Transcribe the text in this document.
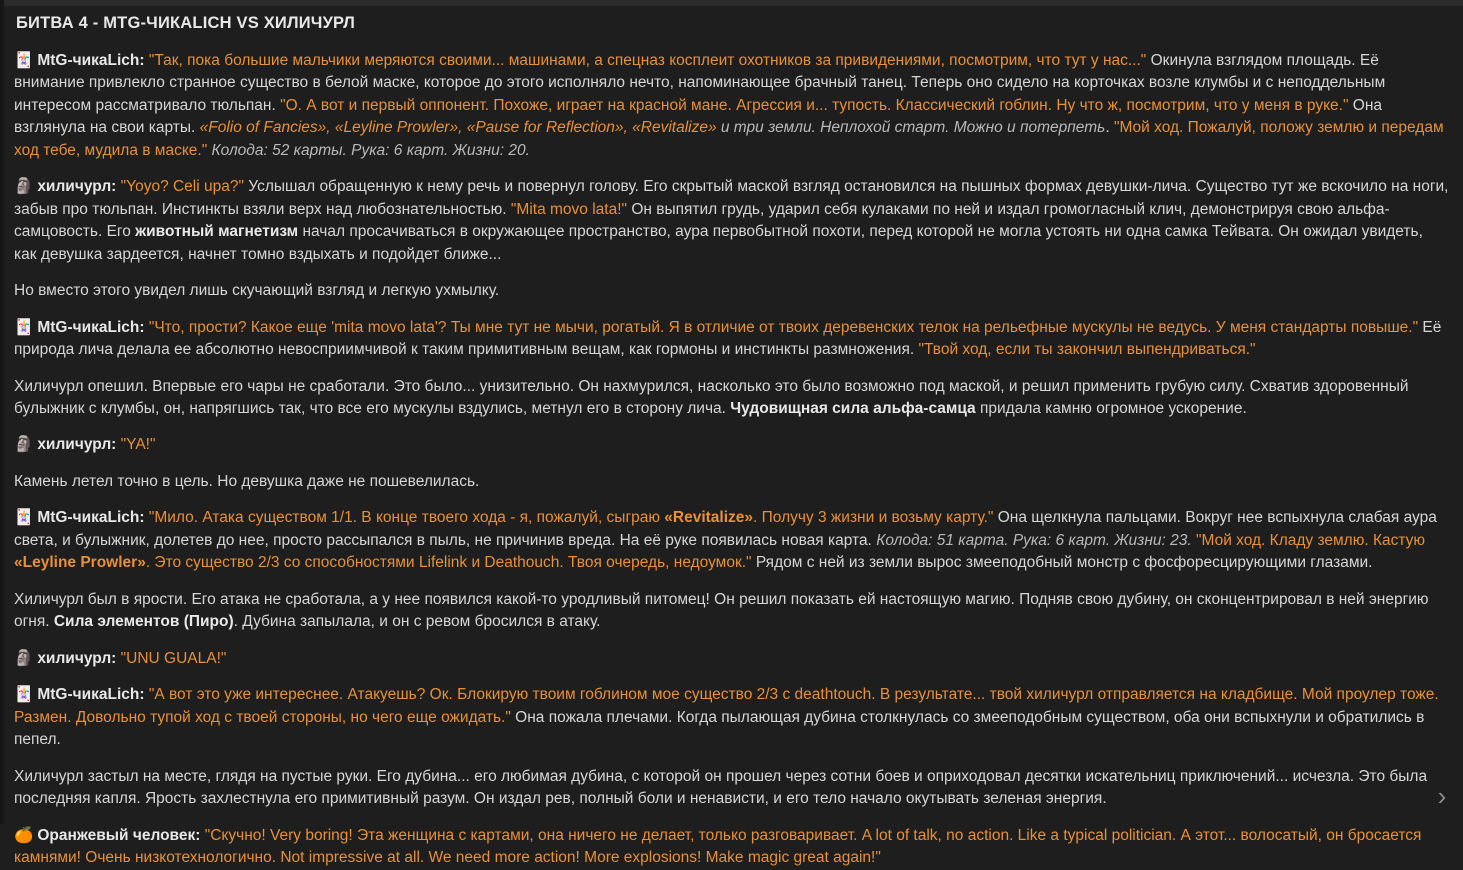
БИТВА 4 - MTG-ЧИКАLICH VS ХИЛИЧУРЛ
🃏 MtG-чикаLich: "Так, пока большие мальчики меряются своими... машинами, а спецназ косплеит охотников за привидениями, посмотрим, что тут у нас..." Окинула взглядом площадь. Её внимание привлекло странное существо в белой маске, которое до этого исполняло нечто, напоминающее брачный танец. Теперь оно сидело на корточках возле клумбы и с неподдельным интересом рассматривало тюльпан. "О. А вот и первый оппонент. Похоже, играет на красной мане. Агрессия и... тупость. Классический гоблин. Ну что ж, посмотрим, что у меня в руке." Она взглянула на свои карты. «Folio of Fancies», «Leyline Prowler», «Pause for Reflection», «Revitalize» и три земли. Неплохой старт. Можно и потерпеть. "Мой ход. Пожалуй, положу землю и передам ход тебе, мудила в маске." Колода: 52 карты. Рука: 6 карт. Жизни: 20.
🗿 хиличурл: "Yoyo? Celi upa?" Услышал обращенную к нему речь и повернул голову. Его скрытый маской взгляд остановился на пышных формах девушки-лича. Существо тут же вскочило на ноги, забыв про тюльпан. Инстинкты взяли верх над любознательностью. "Mita movo lata!" Он выпятил грудь, ударил себя кулаками по ней и издал громогласный клич, демонстрируя свою альфа-самцовость. Его животный магнетизм начал просачиваться в окружающее пространство, аура первобытной похоти, перед которой не могла устоять ни одна самка Тейвата. Он ожидал увидеть, как девушка зардеется, начнет томно вздыхать и подойдет ближе...
Но вместо этого увидел лишь скучающий взгляд и легкую ухмылку.
🃏 MtG-чикаLich: "Что, прости? Какое еще 'mita movo lata'? Ты мне тут не мычи, рогатый. Я в отличие от твоих деревенских телок на рельефные мускулы не ведусь. У меня стандарты повыше." Её природа лича делала ее абсолютно невосприимчивой к таким примитивным вещам, как гормоны и инстинкты размножения. "Твой ход, если ты закончил выпендриваться."
Хиличурл опешил. Впервые его чары не сработали. Это было... унизительно. Он нахмурился, насколько это было возможно под маской, и решил применить грубую силу. Схватив здоровенный булыжник с клумбы, он, напрягшись так, что все его мускулы вздулись, метнул его в сторону лича. Чудовищная сила альфа-самца придала камню огромное ускорение.
🗿 хиличурл: "YA!"
Камень летел точно в цель. Но девушка даже не пошевелилась.
🃏 MtG-чикаLich: "Мило. Атака существом 1/1. В конце твоего хода - я, пожалуй, сыграю «Revitalize». Получу 3 жизни и возьму карту." Она щелкнула пальцами. Вокруг нее вспыхнула слабая аура света, и булыжник, долетев до нее, просто рассыпался в пыль, не причинив вреда. На её руке появилась новая карта. Колода: 51 карта. Рука: 6 карт. Жизни: 23. "Мой ход. Кладу землю. Кастую «Leyline Prowler». Это существо 2/3 со способностями Lifelink и Deathouch. Твоя очередь, недоумок." Рядом с ней из земли вырос змееподобный монстр с фосфоресцирующими глазами.
Хиличурл был в ярости. Его атака не сработала, а у нее появился какой-то уродливый питомец! Он решил показать ей настоящую магию. Подняв свою дубину, он сконцентрировал в ней энергию огня. Сила элементов (Пиро). Дубина запылала, и он с ревом бросился в атаку.
🗿 хиличурл: "UNU GUALA!"
🃏 MtG-чикаLich: "А вот это уже интереснее. Атакуешь? Ок. Блокирую твоим гоблином мое существо 2/3 с deathtouch. В результате... твой хиличурл отправляется на кладбище. Мой проулер тоже. Размен. Довольно тупой ход с твоей стороны, но чего еще ожидать." Она пожала плечами. Когда пылающая дубина столкнулась со змееподобным существом, оба они вспыхнули и обратились в пепел.
Хиличурл застыл на месте, глядя на пустые руки. Его дубина... его любимая дубина, с которой он прошел через сотни боев и оприходовал десятки искательниц приключений... исчезла. Это была последняя капля. Ярость захлестнула его примитивный разум. Он издал рев, полный боли и ненависти, и его тело начало окутывать зеленая энергия.
🍊 Оранжевый человек: "Скучно! Very boring! Эта женщина с картами, она ничего не делает, только разговаривает. A lot of talk, no action. Like a typical politician. А этот... волосатый, он бросается камнями! Очень низкотехнологично. Not impressive at all. We need more action! More explosions! Make magic great again!"
›
